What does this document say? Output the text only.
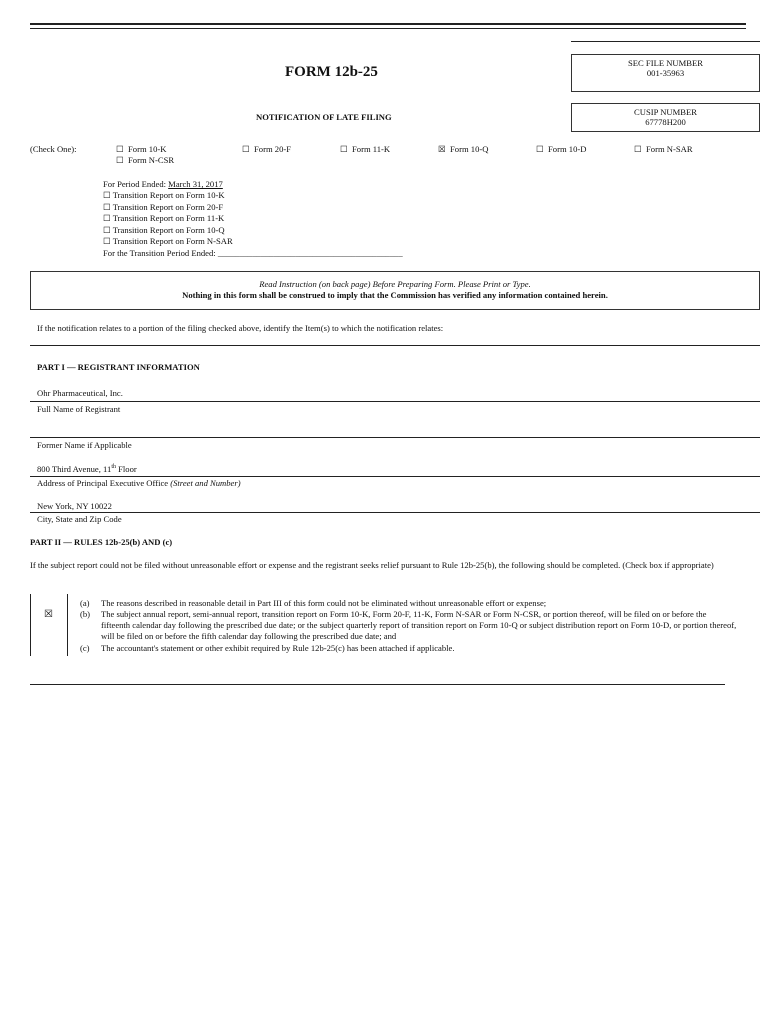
FORM 12b-25
NOTIFICATION OF LATE FILING
SEC FILE NUMBER
001-35963
CUSIP NUMBER
67778H200
(Check One):	☐ Form 10-K
☐ Form N-CSR
☐ Form 20-F	☐ Form 11-K	☒ Form 10-Q	☐ Form 10-D	☐ Form N-SAR
For Period Ended: March 31, 2017
☐ Transition Report on Form 10-K
☐ Transition Report on Form 20-F
☐ Transition Report on Form 11-K
☐ Transition Report on Form 10-Q
☐ Transition Report on Form N-SAR
For the Transition Period Ended: ___________________________________________
Read Instruction (on back page) Before Preparing Form. Please Print or Type.
Nothing in this form shall be construed to imply that the Commission has verified any information contained herein.
If the notification relates to a portion of the filing checked above, identify the Item(s) to which the notification relates:
PART I — REGISTRANT INFORMATION
Ohr Pharmaceutical, Inc.
Full Name of Registrant
Former Name if Applicable
800 Third Avenue, 11th Floor
Address of Principal Executive Office (Street and Number)
New York, NY 10022
City, State and Zip Code
PART II — RULES 12b-25(b) AND (c)
If the subject report could not be filed without unreasonable effort or expense and the registrant seeks relief pursuant to Rule 12b-25(b), the following should be completed. (Check box if appropriate)
☒
(a) The reasons described in reasonable detail in Part III of this form could not be eliminated without unreasonable effort or expense;
(b) The subject annual report, semi-annual report, transition report on Form 10-K, Form 20-F, 11-K, Form N-SAR or Form N-CSR, or portion thereof, will be filed on or before the fifteenth calendar day following the prescribed due date; or the subject quarterly report of transition report on Form 10-Q or subject distribution report on Form 10-D, or portion thereof, will be filed on or before the fifth calendar day following the prescribed due date; and
(c) The accountant's statement or other exhibit required by Rule 12b-25(c) has been attached if applicable.
